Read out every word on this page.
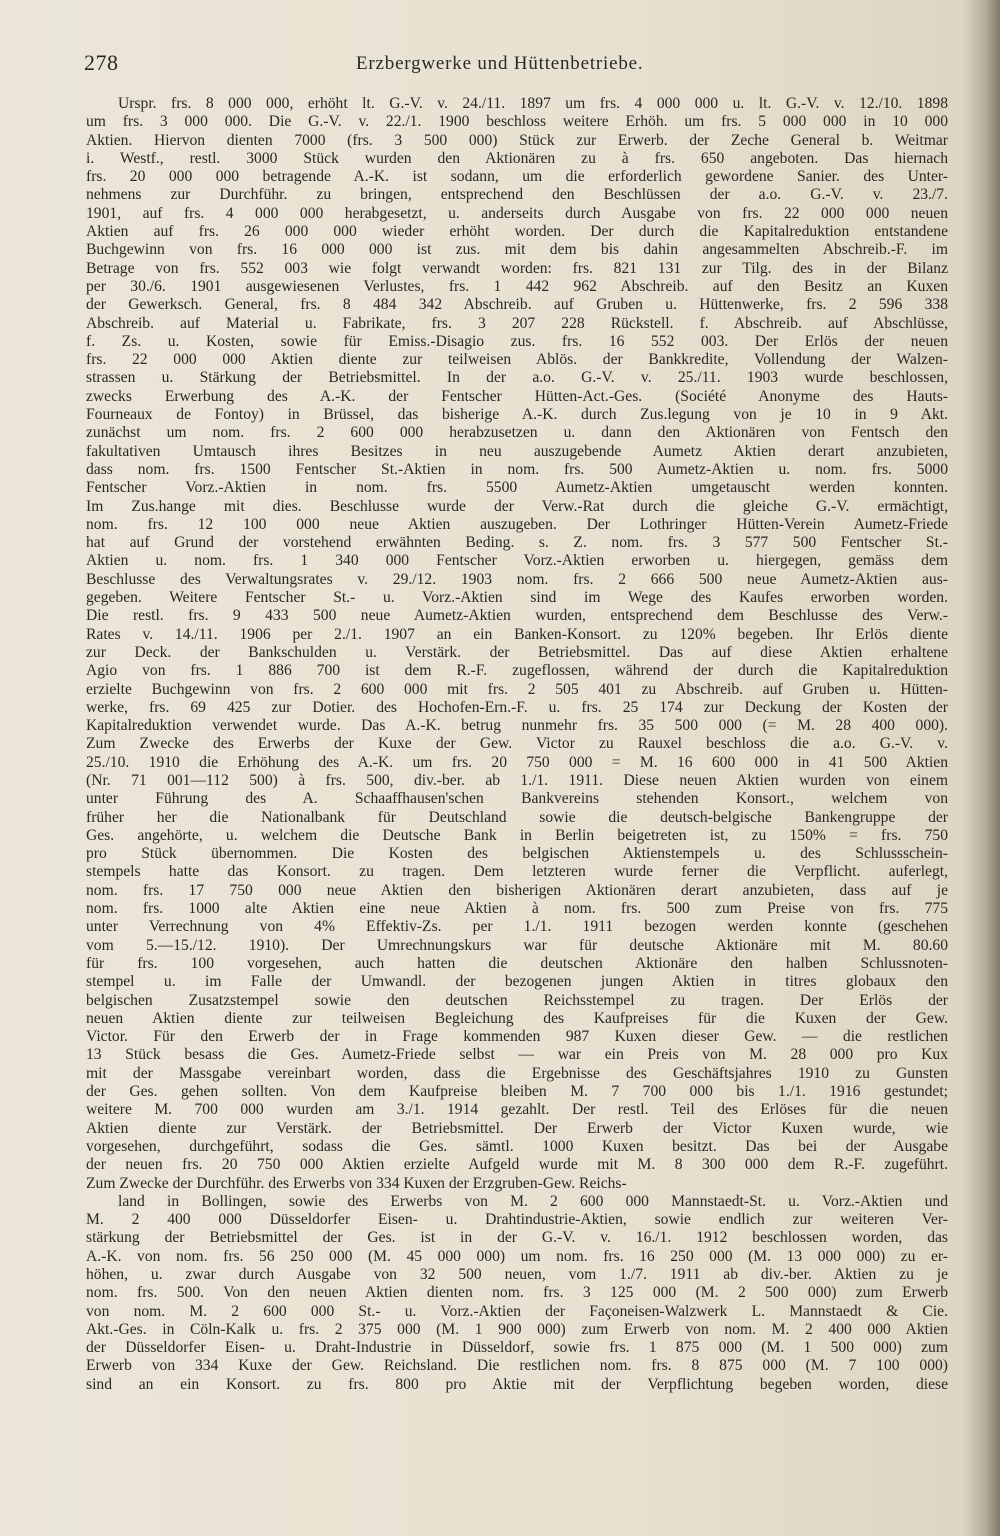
278	Erzbergwerke und Hüttenbetriebe.
Urspr. frs. 8 000 000, erhöht lt. G.-V. v. 24./11. 1897 um frs. 4 000 000 u. lt. G.-V. v. 12./10. 1898
um frs. 3 000 000. Die G.-V. v. 22./1. 1900 beschloss weitere Erhöh. um frs. 5 000 000 in 10 000
Aktien. Hiervon dienten 7000 (frs. 3 500 000) Stück zur Erwerb. der Zeche General b. Weitmar
i. Westf., restl. 3000 Stück wurden den Aktionären zu à frs. 650 angeboten. Das hiernach
frs. 20 000 000 betragende A.-K. ist sodann, um die erforderlich gewordene Sanier. des Unter-
nehmens zur Durchführ. zu bringen, entsprechend den Beschlüssen der a.o. G.-V. v. 23./7.
1901, auf frs. 4 000 000 herabgesetzt, u. anderseits durch Ausgabe von frs. 22 000 000 neuen
Aktien auf frs. 26 000 000 wieder erhöht worden. Der durch die Kapitalreduktion entstandene
Buchgewinn von frs. 16 000 000 ist zus. mit dem bis dahin angesammelten Abschreib.-F. im
Betrage von frs. 552 003 wie folgt verwandt worden: frs. 821 131 zur Tilg. des in der Bilanz
per 30./6. 1901 ausgewiesenen Verlustes, frs. 1 442 962 Abschreib. auf den Besitz an Kuxen
der Gewerksch. General, frs. 8 484 342 Abschreib. auf Gruben u. Hüttenwerke, frs. 2 596 338
Abschreib. auf Material u. Fabrikate, frs. 3 207 228 Rückstell. f. Abschreib. auf Abschlüsse,
f. Zs. u. Kosten, sowie für Emiss.-Disagio zus. frs. 16 552 003. Der Erlös der neuen
frs. 22 000 000 Aktien diente zur teilweisen Ablös. der Bankkredite, Vollendung der Walzen-
strassen u. Stärkung der Betriebsmittel. In der a.o. G.-V. v. 25./11. 1903 wurde beschlossen,
zwecks Erwerbung des A.-K. der Fentscher Hütten-Act.-Ges. (Société Anonyme des Hauts-
Fourneaux de Fontoy) in Brüssel, das bisherige A.-K. durch Zus.legung von je 10 in 9 Akt.
zunächst um nom. frs. 2 600 000 herabzusetzen u. dann den Aktionären von Fentsch den
fakultativen Umtausch ihres Besitzes in neu auszugebende Aumetz Aktien derart anzubieten,
dass nom. frs. 1500 Fentscher St.-Aktien in nom. frs. 500 Aumetz-Aktien u. nom. frs. 5000
Fentscher Vorz.-Aktien in nom. frs. 5500 Aumetz-Aktien umgetauscht werden konnten.
Im Zus.hange mit dies. Beschlusse wurde der Verw.-Rat durch die gleiche G.-V. ermächtigt,
nom. frs. 12 100 000 neue Aktien auszugeben. Der Lothringer Hütten-Verein Aumetz-Friede
hat auf Grund der vorstehend erwähnten Beding. s. Z. nom. frs. 3 577 500 Fentscher St.-
Aktien u. nom. frs. 1 340 000 Fentscher Vorz.-Aktien erworben u. hiergegen, gemäss dem
Beschlusse des Verwaltungsrates v. 29./12. 1903 nom. frs. 2 666 500 neue Aumetz-Aktien aus-
gegeben. Weitere Fentscher St.- u. Vorz.-Aktien sind im Wege des Kaufes erworben worden.
Die restl. frs. 9 433 500 neue Aumetz-Aktien wurden, entsprechend dem Beschlusse des Verw.-
Rates v. 14./11. 1906 per 2./1. 1907 an ein Banken-Konsort. zu 120% begeben. Ihr Erlös diente
zur Deck. der Bankschulden u. Verstärk. der Betriebsmittel. Das auf diese Aktien erhaltene
Agio von frs. 1 886 700 ist dem R.-F. zugeflossen, während der durch die Kapitalreduktion
erzielte Buchgewinn von frs. 2 600 000 mit frs. 2 505 401 zu Abschreib. auf Gruben u. Hütten-
werke, frs. 69 425 zur Dotier. des Hochofen-Ern.-F. u. frs. 25 174 zur Deckung der Kosten der
Kapitalreduktion verwendet wurde. Das A.-K. betrug nunmehr frs. 35 500 000 (= M. 28 400 000).
Zum Zwecke des Erwerbs der Kuxe der Gew. Victor zu Rauxel beschloss die a.o. G.-V. v.
25./10. 1910 die Erhöhung des A.-K. um frs. 20 750 000 = M. 16 600 000 in 41 500 Aktien
(Nr. 71 001—112 500) à frs. 500, div.-ber. ab 1./1. 1911. Diese neuen Aktien wurden von einem
unter Führung des A. Schaaffhausen'schen Bankvereins stehenden Konsort., welchem von
früher her die Nationalbank für Deutschland sowie die deutsch-belgische Bankengruppe der
Ges. angehörte, u. welchem die Deutsche Bank in Berlin beigetreten ist, zu 150% = frs. 750
pro Stück übernommen. Die Kosten des belgischen Aktienstempels u. des Schlussschein-
stempels hatte das Konsort. zu tragen. Dem letzteren wurde ferner die Verpflicht. auferlegt,
nom. frs. 17 750 000 neue Aktien den bisherigen Aktionären derart anzubieten, dass auf je
nom. frs. 1000 alte Aktien eine neue Aktien à nom. frs. 500 zum Preise von frs. 775
unter Verrechnung von 4% Effektiv-Zs. per 1./1. 1911 bezogen werden konnte (geschehen
vom 5.—15./12. 1910). Der Umrechnungskurs war für deutsche Aktionäre mit M. 80.60
für frs. 100 vorgesehen, auch hatten die deutschen Aktionäre den halben Schlussnoten-
stempel u. im Falle der Umwandl. der bezogenen jungen Aktien in titres globaux den
belgischen Zusatzstempel sowie den deutschen Reichsstempel zu tragen. Der Erlös der
neuen Aktien diente zur teilweisen Begleichung des Kaufpreises für die Kuxen der Gew.
Victor. Für den Erwerb der in Frage kommenden 987 Kuxen dieser Gew. — die restlichen
13 Stück besass die Ges. Aumetz-Friede selbst — war ein Preis von M. 28 000 pro Kux
mit der Massgabe vereinbart worden, dass die Ergebnisse des Geschäftsjahres 1910 zu Gunsten
der Ges. gehen sollten. Von dem Kaufpreise bleiben M. 7 700 000 bis 1./1. 1916 gestundet;
weitere M. 700 000 wurden am 3./1. 1914 gezahlt. Der restl. Teil des Erlöses für die neuen
Aktien diente zur Verstärk. der Betriebsmittel. Der Erwerb der Victor Kuxen wurde, wie
vorgesehen, durchgeführt, sodass die Ges. sämtl. 1000 Kuxen besitzt. Das bei der Ausgabe
der neuen frs. 20 750 000 Aktien erzielte Aufgeld wurde mit M. 8 300 000 dem R.-F. zugeführt.
Zum Zwecke der Durchführ. des Erwerbs von 334 Kuxen der Erzgruben-Gew. Reichs-
land in Bollingen, sowie des Erwerbs von M. 2 600 000 Mannstaedt-St. u. Vorz.-Aktien und
M. 2 400 000 Düsseldorfer Eisen- u. Drahtindustrie-Aktien, sowie endlich zur weiteren Ver-
stärkung der Betriebsmittel der Ges. ist in der G.-V. v. 16./1. 1912 beschlossen worden, das
A.-K. von nom. frs. 56 250 000 (M. 45 000 000) um nom. frs. 16 250 000 (M. 13 000 000) zu er-
höhen, u. zwar durch Ausgabe von 32 500 neuen, vom 1./7. 1911 ab div.-ber. Aktien zu je
nom. frs. 500. Von den neuen Aktien dienten nom. frs. 3 125 000 (M. 2 500 000) zum Erwerb
von nom. M. 2 600 000 St.- u. Vorz.-Aktien der Façoneisen-Walzwerk L. Mannstaedt & Cie.
Akt.-Ges. in Cöln-Kalk u. frs. 2 375 000 (M. 1 900 000) zum Erwerb von nom. M. 2 400 000 Aktien
der Düsseldorfer Eisen- u. Draht-Industrie in Düsseldorf, sowie frs. 1 875 000 (M. 1 500 000) zum
Erwerb von 334 Kuxe der Gew. Reichsland. Die restlichen nom. frs. 8 875 000 (M. 7 100 000)
sind an ein Konsort. zu frs. 800 pro Aktie mit der Verpflichtung begeben worden, diese
